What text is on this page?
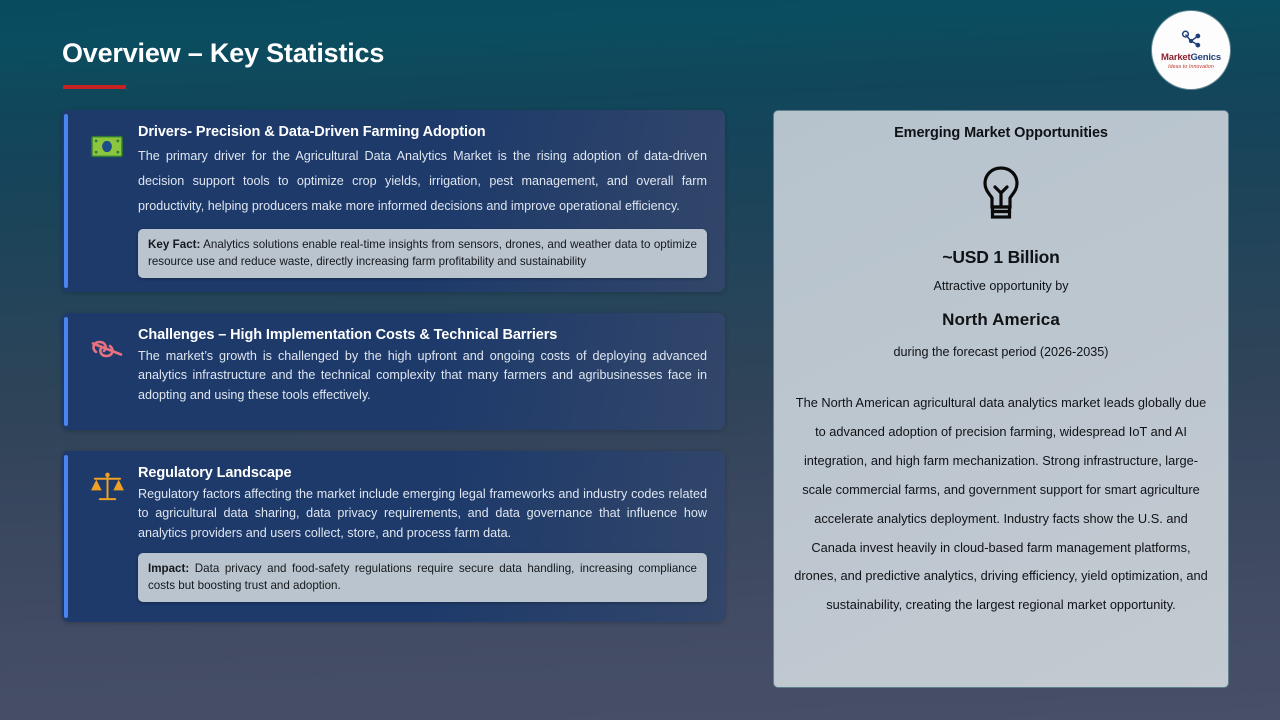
Overview – Key Statistics	MarketGenics
Ideas to Innovation
Drivers- Precision & Data-Driven Farming Adoption
The primary driver for the Agricultural Data Analytics Market is the rising adoption of data-driven decision support tools to optimize crop yields, irrigation, pest management, and overall farm productivity, helping producers make more informed decisions and improve operational efficiency.
Key Fact: Analytics solutions enable real-time insights from sensors, drones, and weather data to optimize resource use and reduce waste, directly increasing farm profitability and sustainability
Challenges – High Implementation Costs & Technical Barriers
The market’s growth is challenged by the high upfront and ongoing costs of deploying advanced analytics infrastructure and the technical complexity that many farmers and agribusinesses face in adopting and using these tools effectively.
Regulatory Landscape
Regulatory factors affecting the market include emerging legal frameworks and industry codes related to agricultural data sharing, data privacy requirements, and data governance that influence how analytics providers and users collect, store, and process farm data.
Impact: Data privacy and food-safety regulations require secure data handling, increasing compliance costs but boosting trust and adoption.
Emerging Market Opportunities
~USD 1 Billion
Attractive opportunity by
North America
during the forecast period (2026-2035)
The North American agricultural data analytics market leads globally due to advanced adoption of precision farming, widespread IoT and AI integration, and high farm mechanization. Strong infrastructure, large-scale commercial farms, and government support for smart agriculture accelerate analytics deployment. Industry facts show the U.S. and Canada invest heavily in cloud-based farm management platforms, drones, and predictive analytics, driving efficiency, yield optimization, and sustainability, creating the largest regional market opportunity.
